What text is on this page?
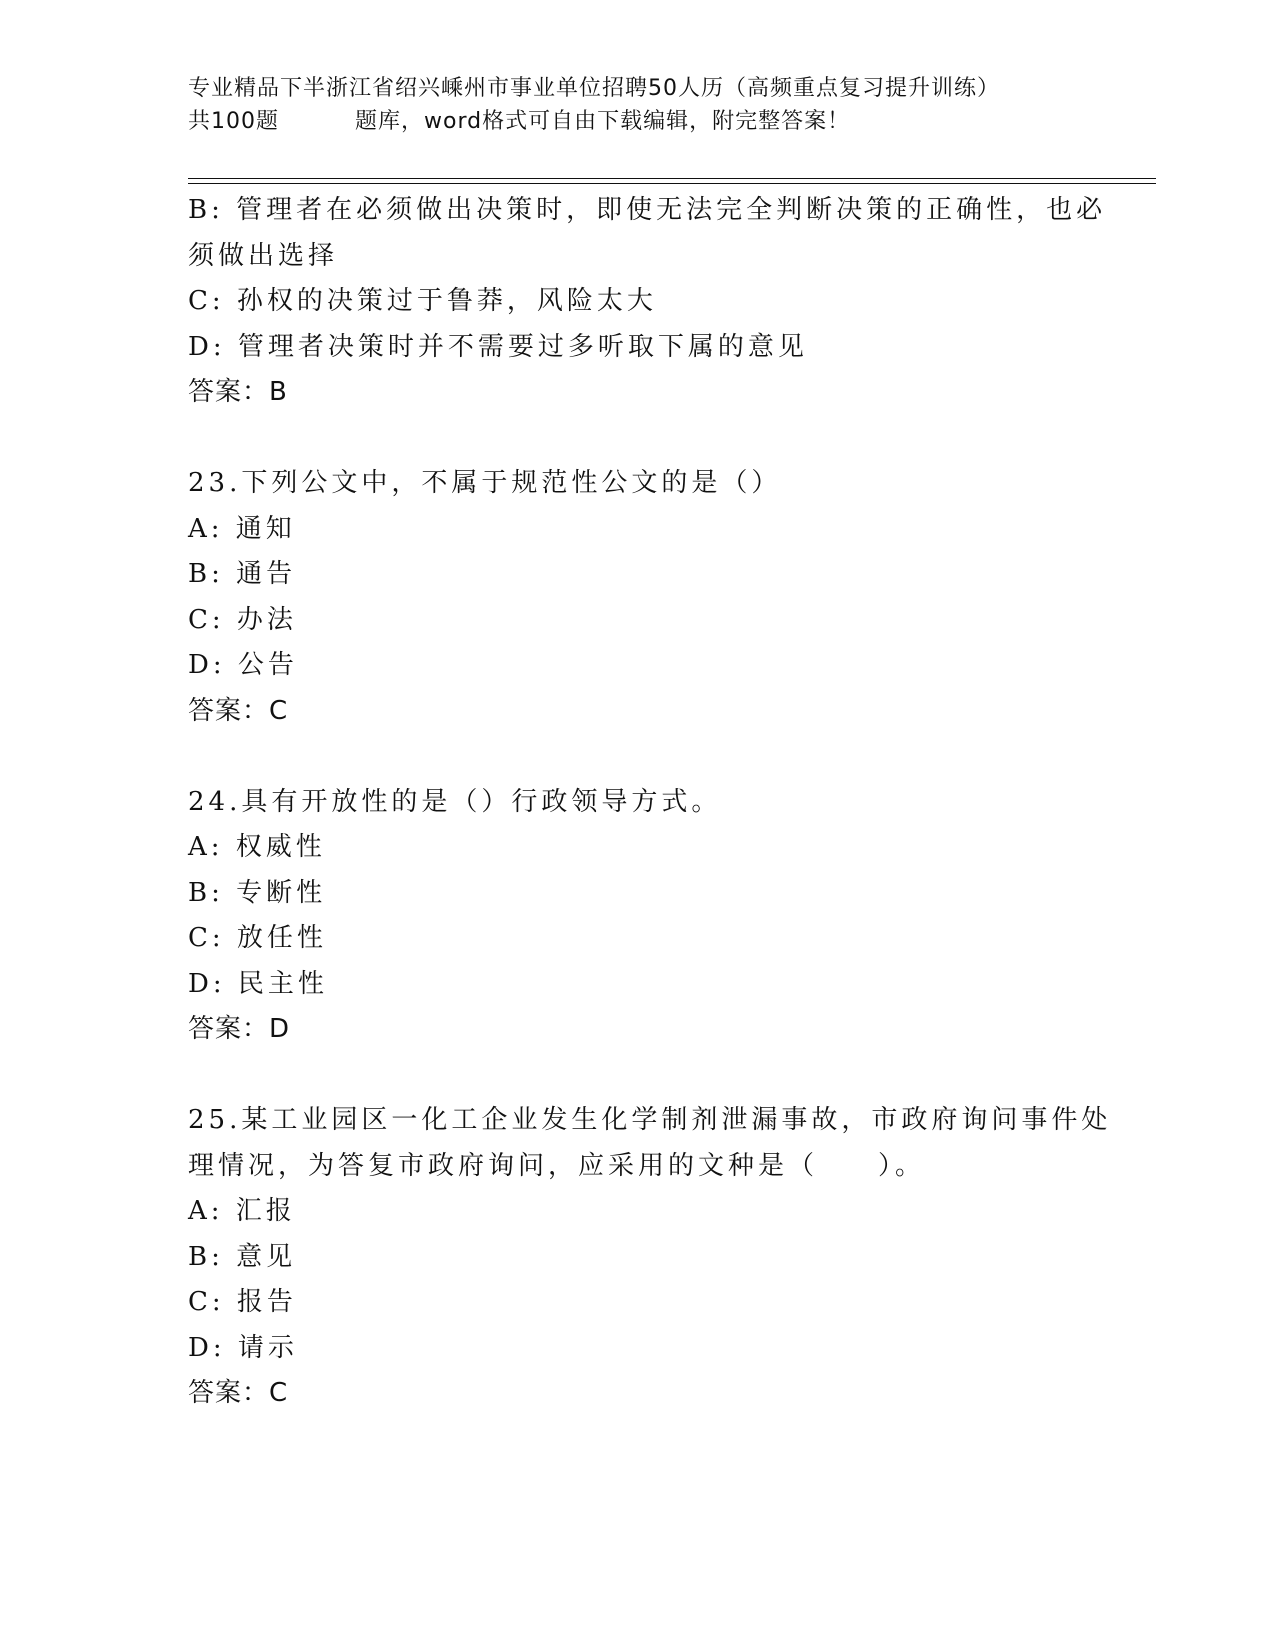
专业精品下半浙江省绍兴嵊州市事业单位招聘50人历（高频重点复习提升训练）
共100题	题库，word格式可自由下载编辑，附完整答案！
B: 管理者在必须做出决策时，即使无法完全判断决策的正确性，也必
须做出选择
C: 孙权的决策过于鲁莽，风险太大
D: 管理者决策时并不需要过多听取下属的意见
答案：B
23.下列公文中，不属于规范性公文的是（）
A: 通知
B: 通告
C: 办法
D: 公告
答案：C
24.具有开放性的是（）行政领导方式。
A: 权威性
B: 专断性
C: 放任性
D: 民主性
答案：D
25.某工业园区一化工企业发生化学制剂泄漏事故，市政府询问事件处
理情况，为答复市政府询问，应采用的文种是（　　）。
A: 汇报
B: 意见
C: 报告
D: 请示
答案：C
